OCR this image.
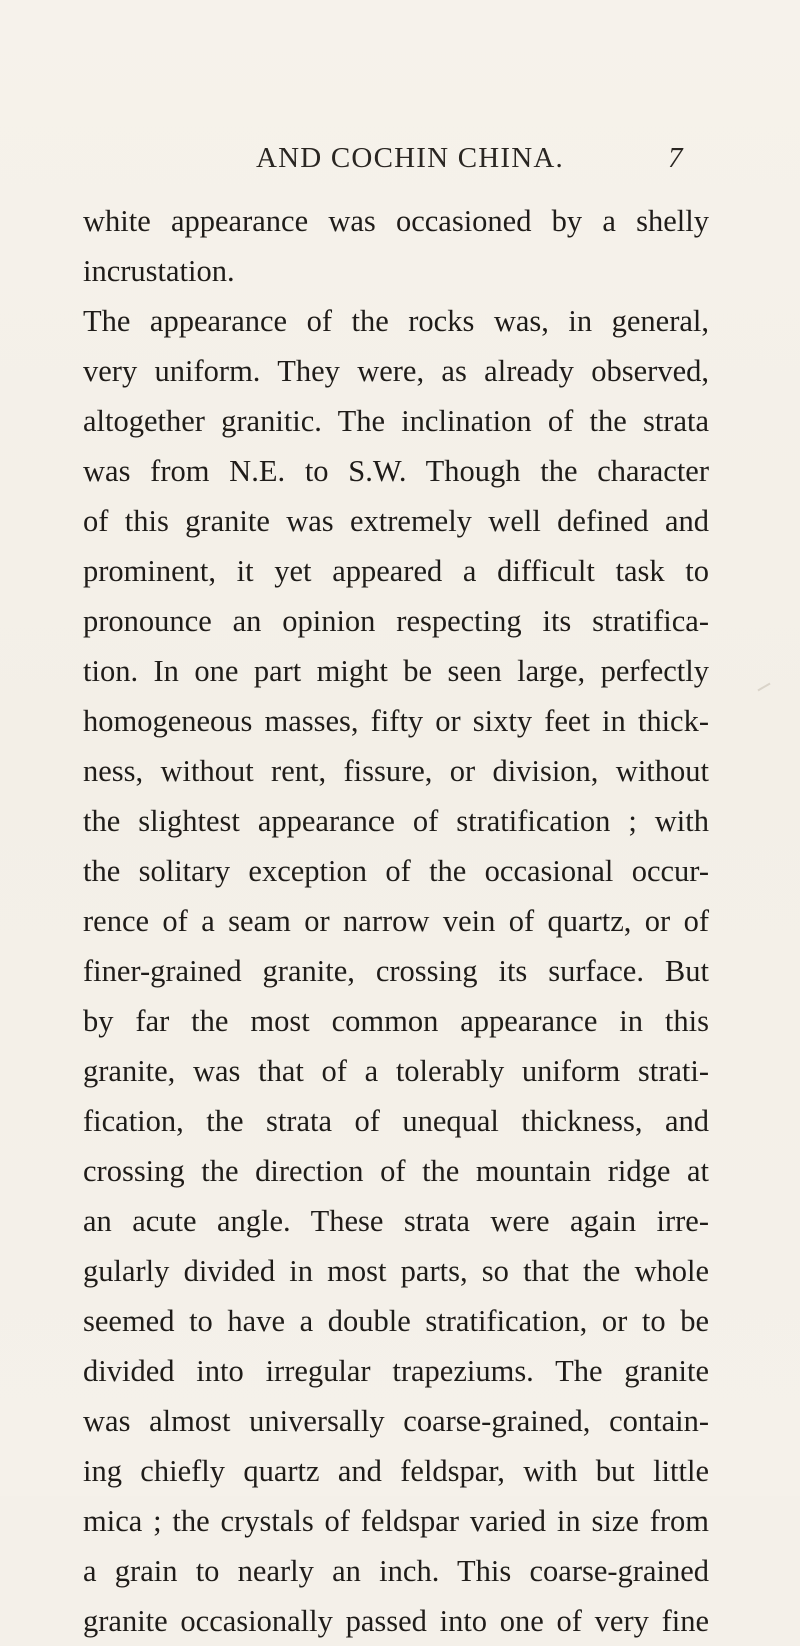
AND COCHIN CHINA.	7
white appearance was occasioned by a shelly
incrustation.
The appearance of the rocks was, in general,
very uniform. They were, as already observed,
altogether granitic. The inclination of the strata
was from N.E. to S.W. Though the character
of this granite was extremely well defined and
prominent, it yet appeared a difficult task to
pronounce an opinion respecting its stratifica-
tion. In one part might be seen large, perfectly
homogeneous masses, fifty or sixty feet in thick-
ness, without rent, fissure, or division, without
the slightest appearance of stratification ; with
the solitary exception of the occasional occur-
rence of a seam or narrow vein of quartz, or of
finer-grained granite, crossing its surface. But
by far the most common appearance in this
granite, was that of a tolerably uniform strati-
fication, the strata of unequal thickness, and
crossing the direction of the mountain ridge at
an acute angle. These strata were again irre-
gularly divided in most parts, so that the whole
seemed to have a double stratification, or to be
divided into irregular trapeziums. The granite
was almost universally coarse-grained, contain-
ing chiefly quartz and feldspar, with but little
mica ; the crystals of feldspar varied in size from
a grain to nearly an inch. This coarse-grained
granite occasionally passed into one of very fine
